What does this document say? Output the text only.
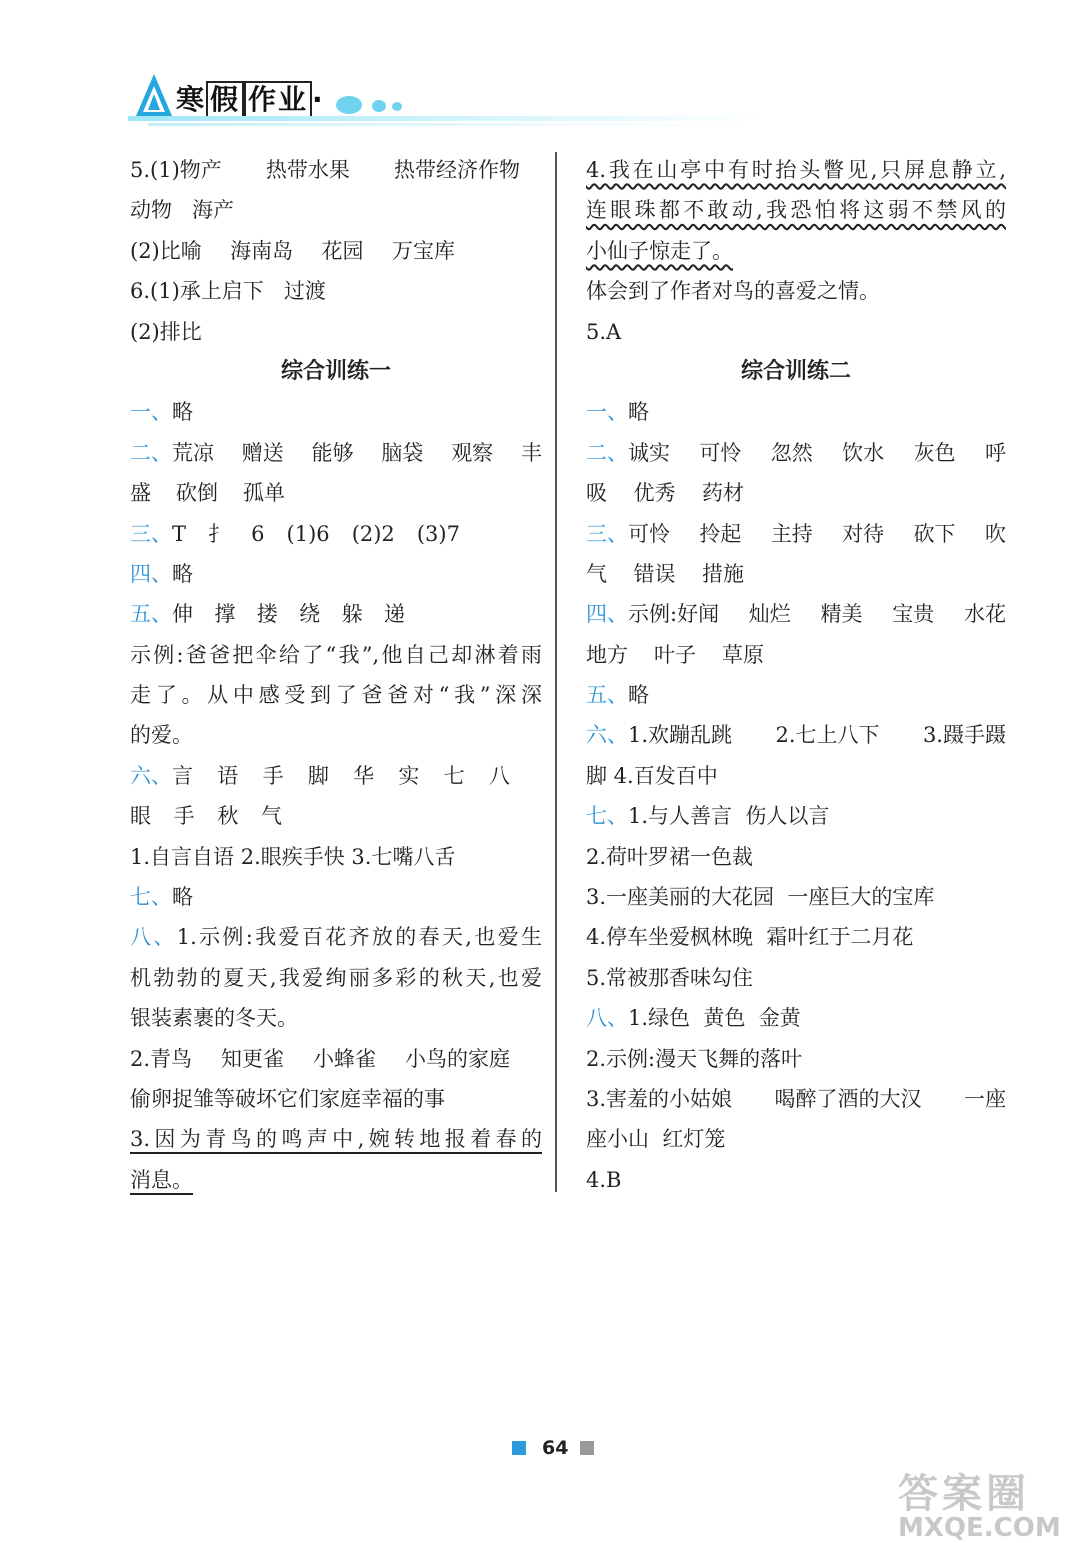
寒 假 作业 ·
5.(1)物产 热带水果 热带经济作物
动物 海产
(2)比喻 海南岛 花园 万宝库
6.(1)承上启下 过渡
(2)排比
综合训练一
一、略
二、荒凉 赠送 能够 脑袋 观察 丰
盛 砍倒 孤单
三、T 扌 6 (1)6 (2)2 (3)7
四、略
五、伸 撑 搂 绕 躲 递
示例:爸爸把伞给了“我”,他自己却淋着雨
走了。从中感受到了爸爸对“我”深深
的爱。
六、言 语 手 脚 华 实 七 八
眼 手 秋 气
1.自言自语 2.眼疾手快 3.七嘴八舌
七、略
八、1.示例:我爱百花齐放的春天,也爱生
机勃勃的夏天,我爱绚丽多彩的秋天,也爱
银装素裹的冬天。
2.青鸟 知更雀 小蜂雀 小鸟的家庭
偷卵捉雏等破坏它们家庭幸福的事
3.因为青鸟的鸣声中,婉转地报着春的
消息。
4.我在山亭中有时抬头瞥见,只屏息静立,
连眼珠都不敢动,我恐怕将这弱不禁风的
小仙子惊走了。
体会到了作者对鸟的喜爱之情。
5.A
综合训练二
一、略
二、诚实 可怜 忽然 饮水 灰色 呼
吸 优秀 药材
三、可怜 拎起 主持 对待 砍下 吹
气 错误 措施
四、示例:好闻 灿烂 精美 宝贵 水花
地方 叶子 草原
五、略
六、1.欢蹦乱跳 2.七上八下 3.蹑手蹑
脚 4.百发百中
七、1.与人善言  伤人以言
2.荷叶罗裙一色裁
3.一座美丽的大花园  一座巨大的宝库
4.停车坐爱枫林晚  霜叶红于二月花
5.常被那香味勾住
八、1.绿色  黄色  金黄
2.示例:漫天飞舞的落叶
3.害羞的小姑娘 喝醉了酒的大汉 一座
座小山  红灯笼
4.B
64
答案圈
MXQE.COM
